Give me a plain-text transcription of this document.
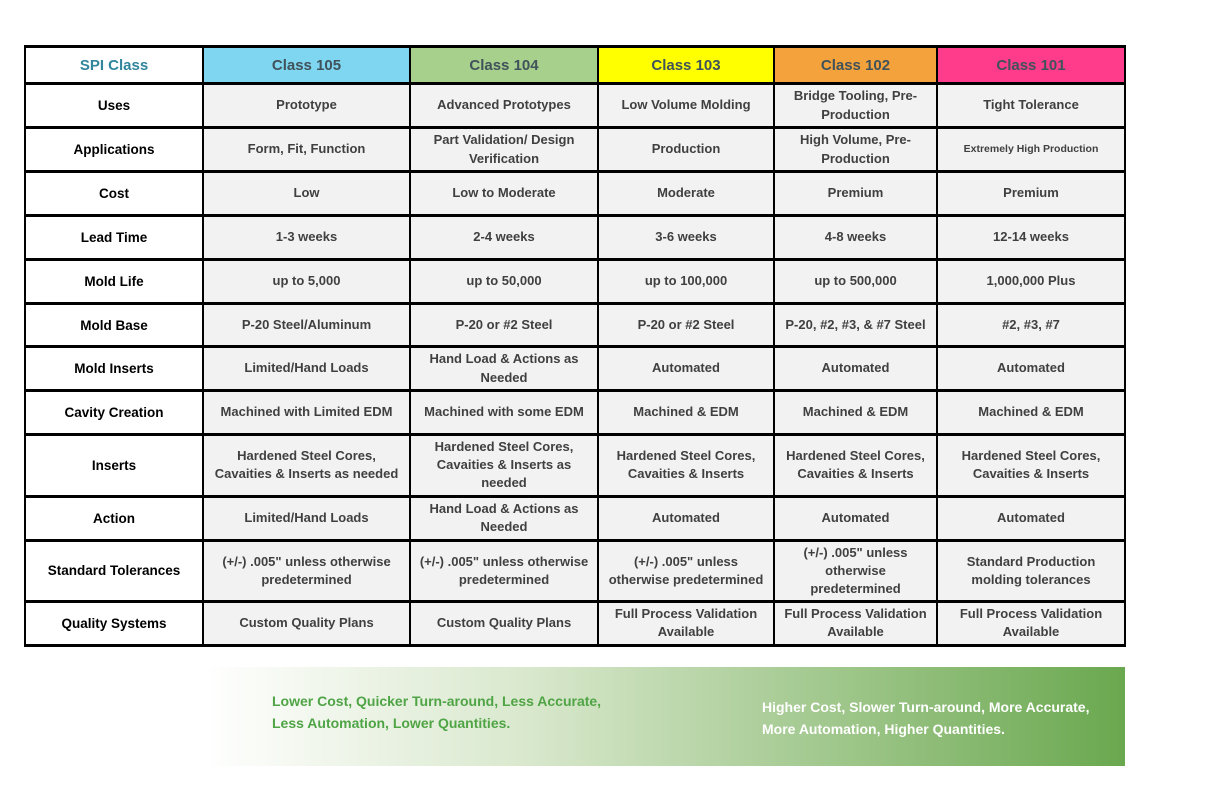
SPI Class	Class 105	Class 104	Class 103	Class 102	Class 101
Uses	Prototype	Advanced Prototypes	Low Volume Molding	Bridge Tooling, Pre-Production	Tight Tolerance
Applications	Form, Fit, Function	Part Validation/ Design Verification	Production	High Volume, Pre-Production	Extremely High Production
Cost	Low	Low to Moderate	Moderate	Premium	Premium
Lead Time	1-3 weeks	2-4 weeks	3-6 weeks	4-8 weeks	12-14 weeks
Mold Life	up to 5,000	up to 50,000	up to 100,000	up to 500,000	1,000,000 Plus
Mold Base	P-20 Steel/Aluminum	P-20 or #2 Steel	P-20 or #2 Steel	P-20, #2, #3, & #7 Steel	#2, #3, #7
Mold Inserts	Limited/Hand Loads	Hand Load & Actions as Needed	Automated	Automated	Automated
Cavity Creation	Machined with Limited EDM	Machined with some EDM	Machined & EDM	Machined & EDM	Machined & EDM
Inserts	Hardened Steel Cores, Cavaities & Inserts as needed	Hardened Steel Cores, Cavaities & Inserts as needed	Hardened Steel Cores, Cavaities & Inserts	Hardened Steel Cores, Cavaities & Inserts	Hardened Steel Cores, Cavaities & Inserts
Action	Limited/Hand Loads	Hand Load & Actions as Needed	Automated	Automated	Automated
Standard Tolerances	(+/-) .005" unless otherwise predetermined	(+/-) .005" unless otherwise predetermined	(+/-) .005" unless otherwise predetermined	(+/-) .005" unless otherwise predetermined	Standard Production molding tolerances
Quality Systems	Custom Quality Plans	Custom Quality Plans	Full Process Validation Available	Full Process Validation Available	Full Process Validation Available
Lower Cost, Quicker Turn-around, Less Accurate, Less Automation, Lower Quantities.
Higher Cost, Slower Turn-around, More Accurate, More Automation, Higher Quantities.
